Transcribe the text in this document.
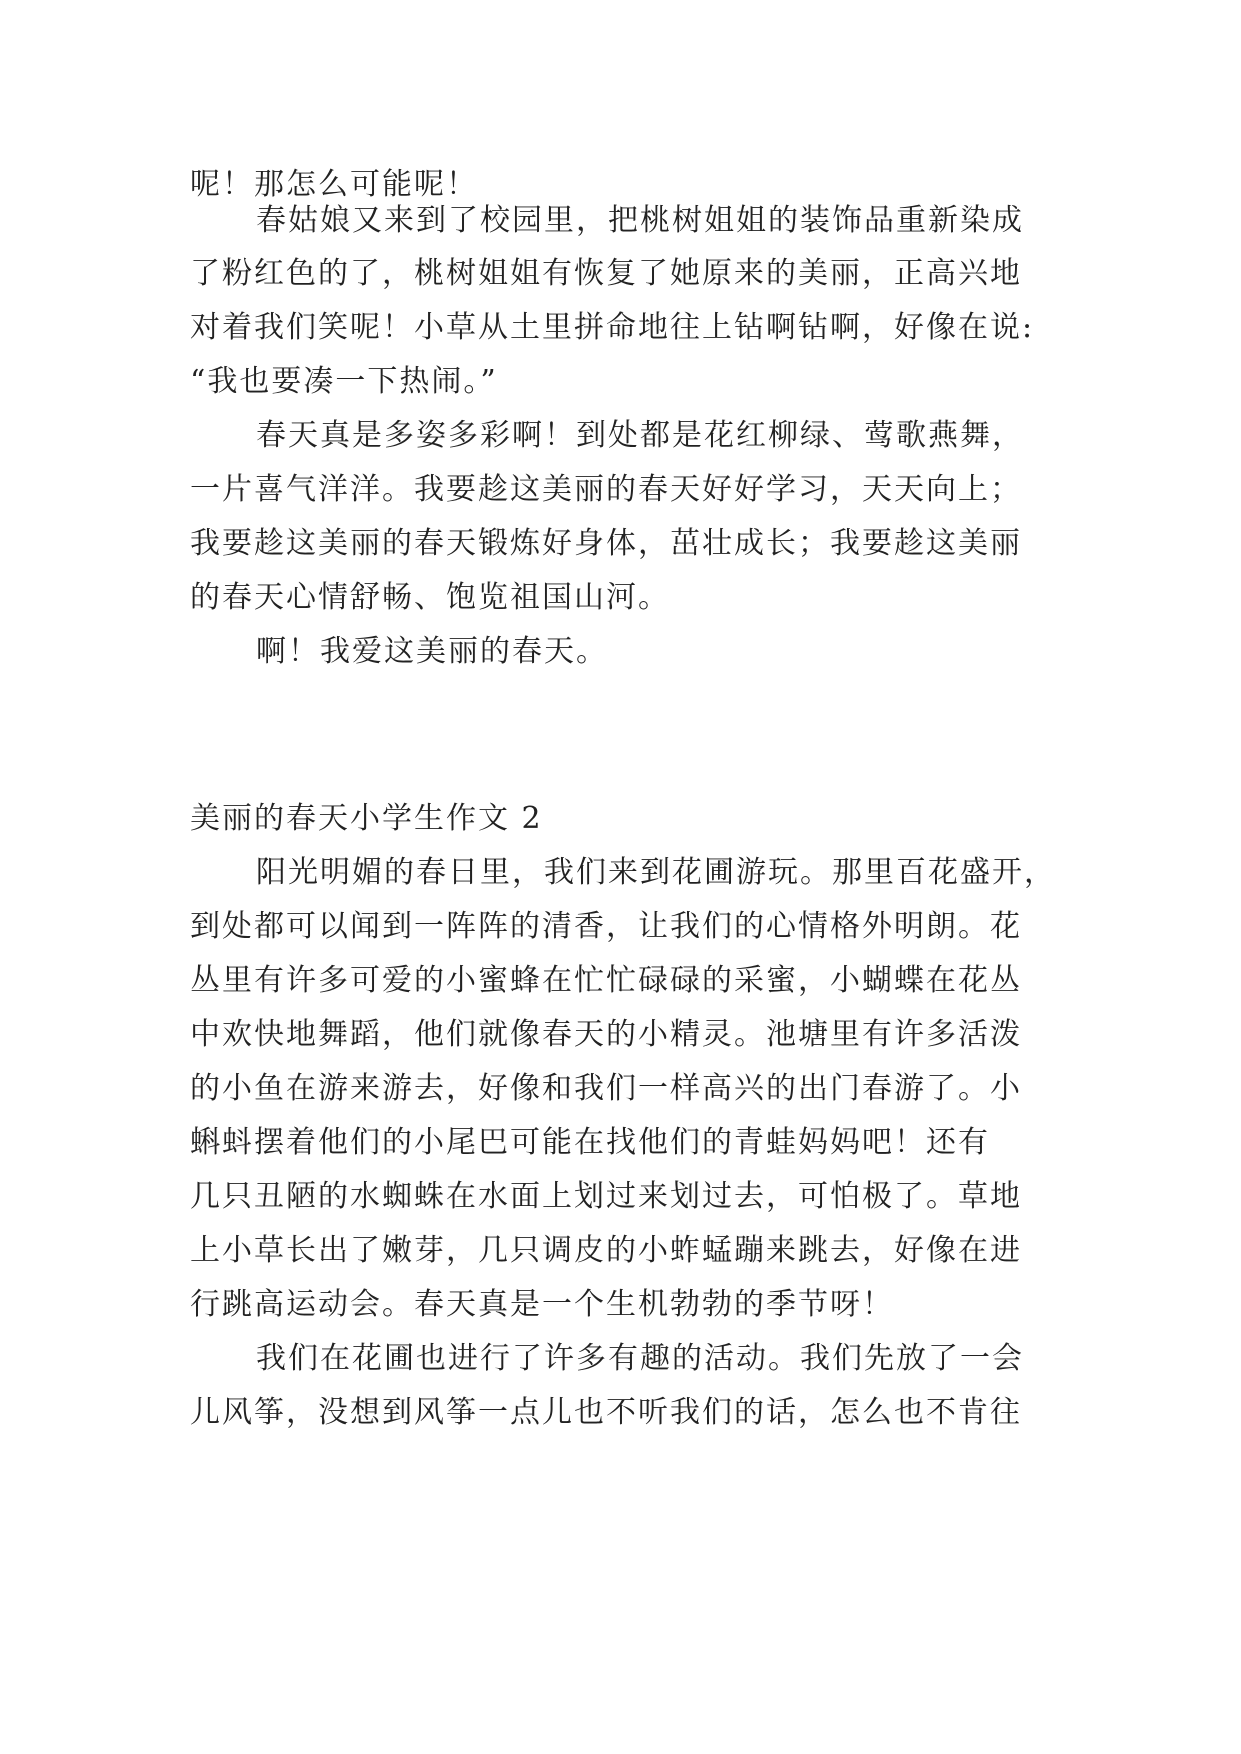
呢！那怎么可能呢！
春姑娘又来到了校园里，把桃树姐姐的装饰品重新染成
了粉红色的了，桃树姐姐有恢复了她原来的美丽，正高兴地
对着我们笑呢！小草从土里拼命地往上钻啊钻啊，好像在说:
“我也要凑一下热闹。”
春天真是多姿多彩啊！到处都是花红柳绿、莺歌燕舞，
一片喜气洋洋。我要趁这美丽的春天好好学习，天天向上；
我要趁这美丽的春天锻炼好身体，茁壮成长；我要趁这美丽
的春天心情舒畅、饱览祖国山河。
啊！我爱这美丽的春天。
美丽的春天小学生作文 2
阳光明媚的春日里，我们来到花圃游玩。那里百花盛开，
到处都可以闻到一阵阵的清香，让我们的心情格外明朗。花
丛里有许多可爱的小蜜蜂在忙忙碌碌的采蜜，小蝴蝶在花丛
中欢快地舞蹈，他们就像春天的小精灵。池塘里有许多活泼
的小鱼在游来游去，好像和我们一样高兴的出门春游了。小
蝌蚪摆着他们的小尾巴可能在找他们的青蛙妈妈吧！还有
几只丑陋的水蜘蛛在水面上划过来划过去，可怕极了。草地
上小草长出了嫩芽，几只调皮的小蚱蜢蹦来跳去，好像在进
行跳高运动会。春天真是一个生机勃勃的季节呀！
我们在花圃也进行了许多有趣的活动。我们先放了一会
儿风筝，没想到风筝一点儿也不听我们的话，怎么也不肯往
